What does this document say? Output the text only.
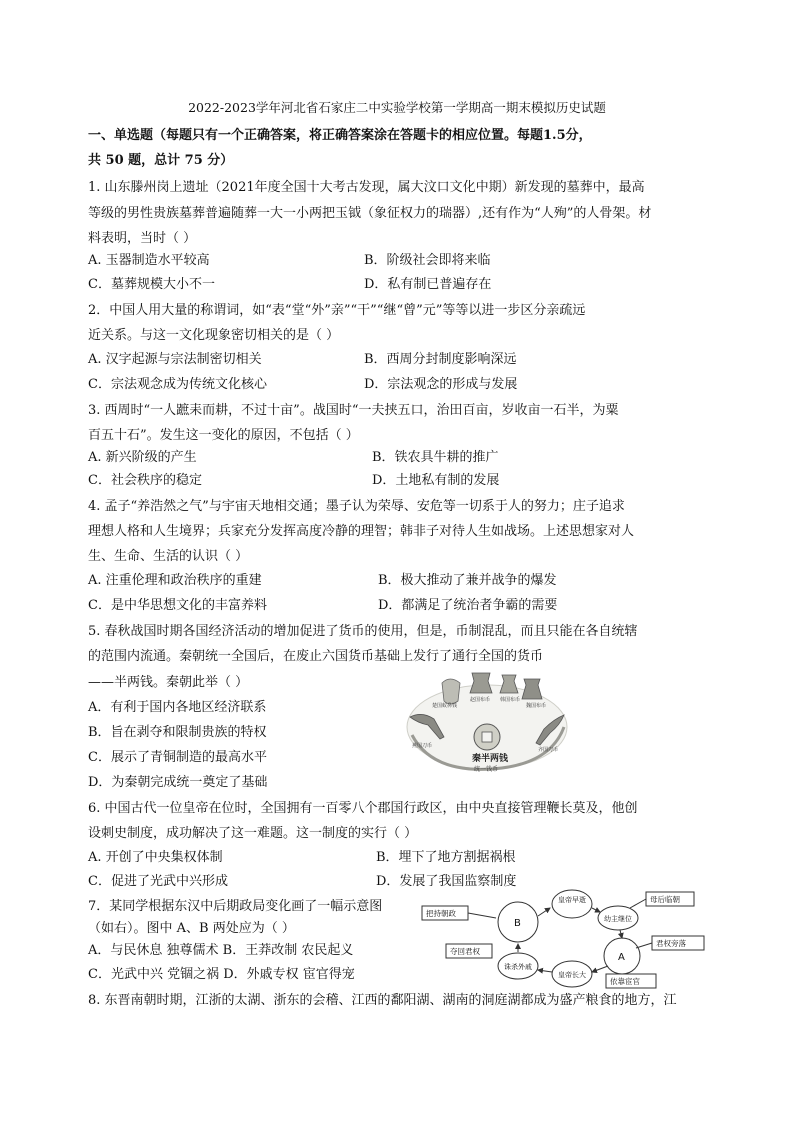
2022-2023学年河北省石家庄二中实验学校第一学期高一期末模拟历史试题
一、单选题（每题只有一个正确答案，将正确答案涂在答题卡的相应位置。每题1.5分，
共 50 题，总计 75 分）
1. 山东滕州岗上遗址（2021年度全国十大考古发现，属大汶口文化中期）新发现的墓葬中，最高
等级的男性贵族墓葬普遍随葬一大一小两把玉钺（象征权力的瑞器）,还有作为“人殉”的人骨架。材
料表明，当时（ ）
A. 玉器制造水平较高	B．阶级社会即将来临
C．墓葬规模大小不一	D．私有制已普遍存在
2．中国人用大量的称谓词，如“表“堂“外”亲”“干”“继“曾”元”等等以进一步区分亲疏远
近关系。与这一文化现象密切相关的是（ ）
A. 汉字起源与宗法制密切相关	B．西周分封制度影响深远
C．宗法观念成为传统文化核心	D．宗法观念的形成与发展
3. 西周时“一人蹠耒而耕，不过十亩”。战国时“一夫挟五口，治田百亩，岁收亩一石半，为粟
百五十石”。发生这一变化的原因，不包括（ ）
A. 新兴阶级的产生	B．铁农具牛耕的推广
C．社会秩序的稳定	D．土地私有制的发展
4. 孟子“养浩然之气”与宇宙天地相交通；墨子认为荣辱、安危等一切系于人的努力；庄子追求
理想人格和人生境界；兵家充分发挥高度冷静的理智；韩非子对待人生如战场。上述思想家对人
生、生命、生活的认识（ ）
A. 注重伦理和政治秩序的重建	B．极大推动了兼并战争的爆发
C．是中华思想文化的丰富养料	D．都满足了统治者争霸的需要
5. 春秋战国时期各国经济活动的增加促进了货币的使用，但是，币制混乱，而且只能在各自统辖
的范围内流通。秦朝统一全国后，在废止六国货币基础上发行了通行全国的货币
——半两钱。秦朝此举（ ）
A．有利于国内各地区经济联系
B．旨在剥夺和限制贵族的特权
C．展示了青铜制造的最高水平
D．为秦朝完成统一奠定了基础
楚国蚁鼻钱
赵国布币 韩国布币
魏国布币
燕国刀币
齐国刀币
秦半两钱
统一钱币
6. 中国古代一位皇帝在位时，全国拥有一百零八个郡国行政区，由中央直接管理鞭长莫及，他创
设刺史制度，成功解决了这一难题。这一制度的实行（ ）
A. 开创了中央集权体制	B．埋下了地方割据祸根
C．促进了光武中兴形成	D．发展了我国监察制度
7．某同学根据东汉中后期政局变化画了一幅示意图
（如右）。图中 A、B 两处应为（ ）
A．与民休息 独尊儒术 B．王莽改制 农民起义
C．光武中兴 党锢之祸 D．外戚专权 宦官得宠
B
A
皇帝早逝
幼主继位
皇帝长大
诛杀外戚
把持朝政
夺回君权
母后临朝
君权旁落
依靠宦官
8. 东晋南朝时期，江浙的太湖、浙东的会稽、江西的鄱阳湖、湖南的洞庭湖都成为盛产粮食的地方，江
